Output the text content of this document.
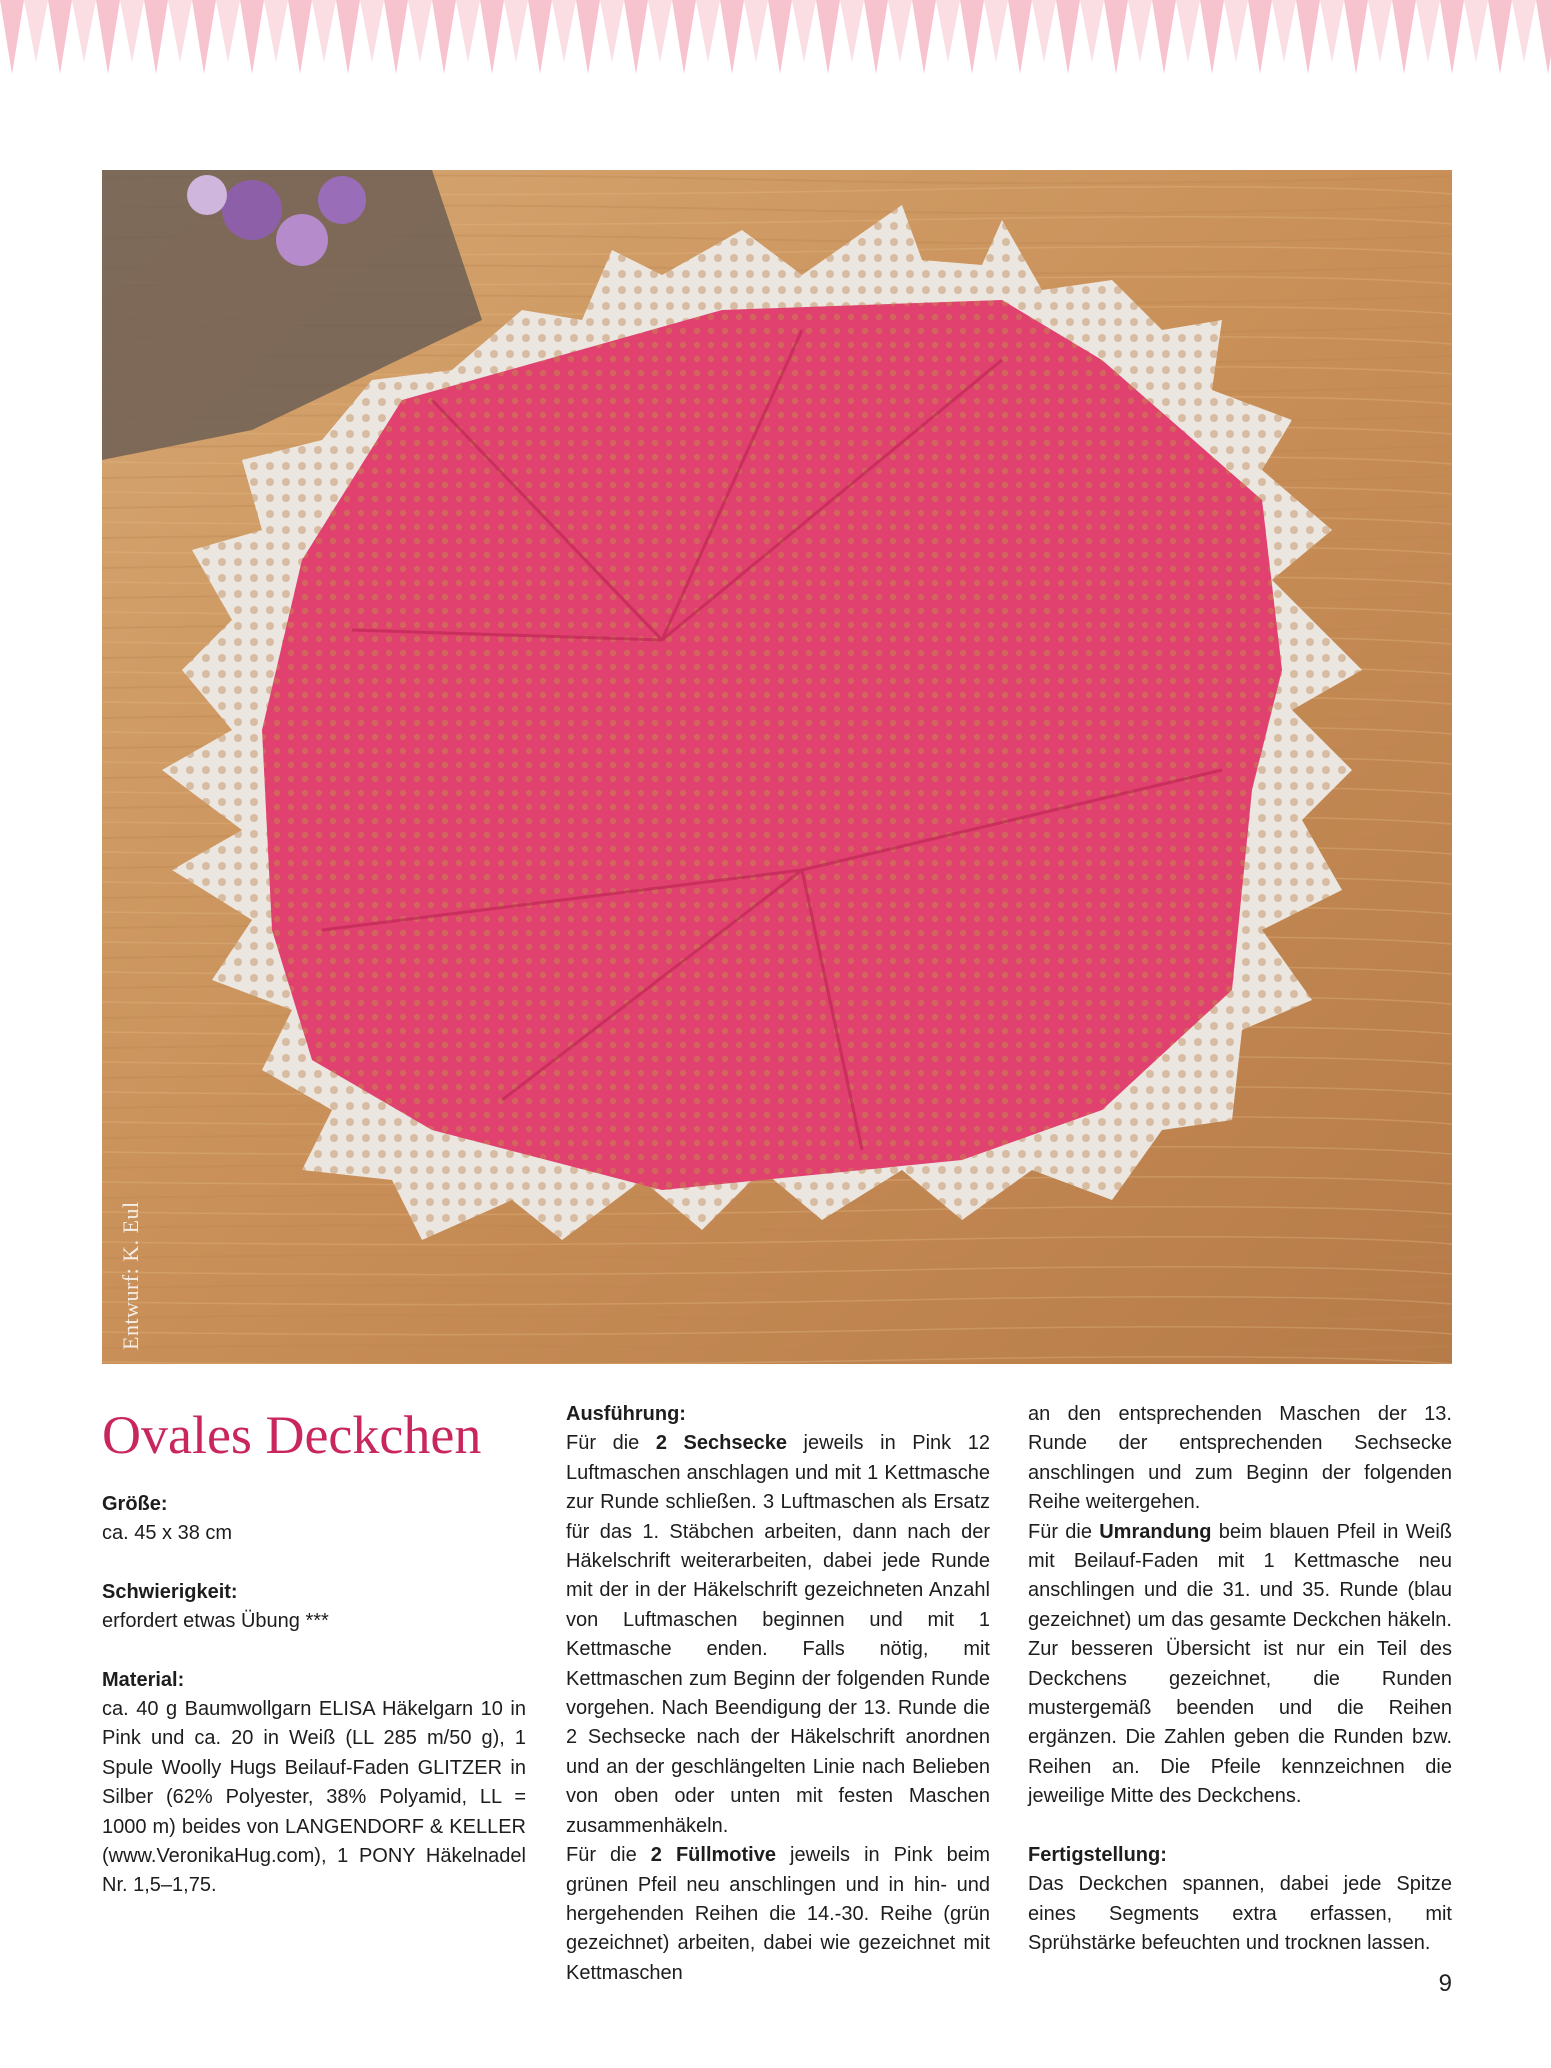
Entwurf: K. Eul
Ovales Deckchen

Größe:

ca. 45 x 38 cm

Schwierigkeit:

erfordert etwas Übung ***

Material:

ca. 40 g Baumwollgarn ELISA Häkelgarn 10 in Pink und ca. 20 in Weiß (LL 285 m/50 g), 1 Spule Woolly Hugs Beilauf-Faden GLITZER in Silber (62% Polyester, 38% Polyamid, LL = 1000 m) beides von LANGENDORF & KELLER (www.VeronikaHug.com), 1 PONY Häkelnadel Nr. 1,5–1,75.

Ausführung:

Für die 2 Sechsecke jeweils in Pink 12 Luftmaschen anschlagen und mit 1 Kettmasche zur Runde schließen. 3 Luftmaschen als Ersatz für das 1. Stäbchen arbeiten, dann nach der Häkelschrift weiterarbeiten, dabei jede Runde mit der in der Häkelschrift gezeichneten Anzahl von Luftmaschen beginnen und mit 1 Kettmasche enden. Falls nötig, mit Kettmaschen zum Beginn der folgenden Runde vorgehen. Nach Beendigung der 13. Runde die 2 Sechsecke nach der Häkelschrift anordnen und an der geschlängelten Linie nach Belieben von oben oder unten mit festen Maschen zusammenhäkeln.

Für die 2 Füllmotive jeweils in Pink beim grünen Pfeil neu anschlingen und in hin- und hergehenden Reihen die 14.-30. Reihe (grün gezeichnet) arbeiten, dabei wie gezeichnet mit Kettmaschen

an den entsprechenden Maschen der 13. Runde der entsprechenden Sechsecke anschlingen und zum Beginn der folgenden Reihe weitergehen.

Für die Umrandung beim blauen Pfeil in Weiß mit Beilauf-Faden mit 1 Kettmasche neu anschlingen und die 31. und 35. Runde (blau gezeichnet) um das gesamte Deckchen häkeln. Zur besseren Übersicht ist nur ein Teil des Deckchens gezeichnet, die Runden mustergemäß beenden und die Reihen ergänzen. Die Zahlen geben die Runden bzw. Reihen an. Die Pfeile kennzeichnen die jeweilige Mitte des Deckchens.

Fertigstellung:

Das Deckchen spannen, dabei jede Spitze eines Segments extra erfassen, mit Sprühstärke befeuchten und trocknen lassen.

9
